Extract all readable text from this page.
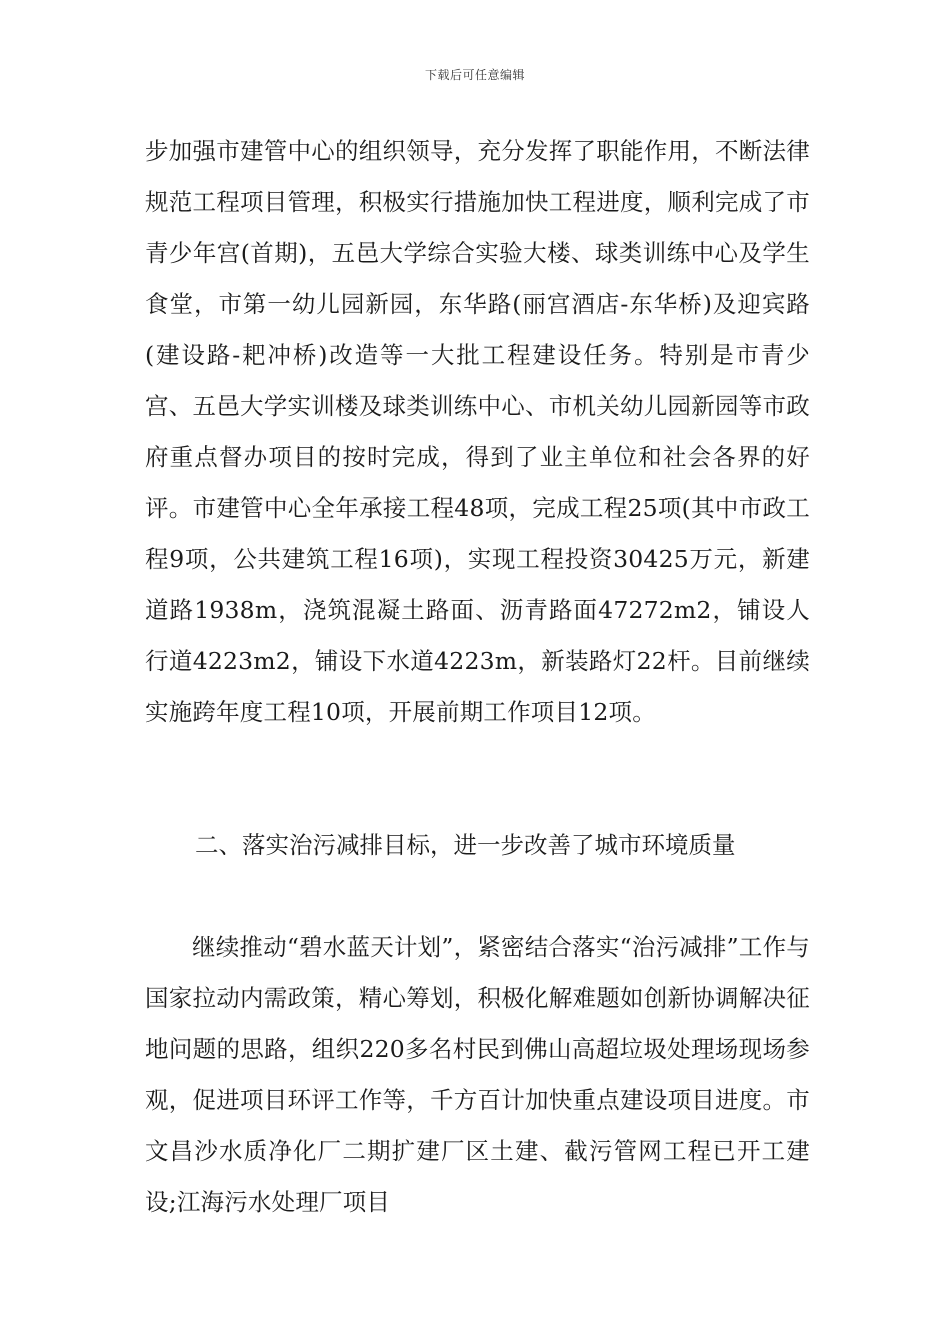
下载后可任意编辑

步加强市建管中心的组织领导，充分发挥了职能作用，不断法律规范工程项目管理，积极实行措施加快工程进度，顺利完成了市青少年宫(首期)，五邑大学综合实验大楼、球类训练中心及学生食堂，市第一幼儿园新园，东华路(丽宫酒店-东华桥)及迎宾路(建设路-耙冲桥)改造等一大批工程建设任务。特别是市青少宫、五邑大学实训楼及球类训练中心、市机关幼儿园新园等市政府重点督办项目的按时完成，得到了业主单位和社会各界的好评。市建管中心全年承接工程48项，完成工程25项(其中市政工程9项，公共建筑工程16项)，实现工程投资30425万元，新建道路1938m，浇筑混凝土路面、沥青路面47272m2，铺设人行道4223m2，铺设下水道4223m，新装路灯22杆。目前继续实施跨年度工程10项，开展前期工作项目12项。

二、落实治污减排目标，进一步改善了城市环境质量

继续推动“碧水蓝天计划”，紧密结合落实“治污减排”工作与国家拉动内需政策，精心筹划，积极化解难题如创新协调解决征地问题的思路，组织220多名村民到佛山高超垃圾处理场现场参观，促进项目环评工作等，千方百计加快重点建设项目进度。市文昌沙水质净化厂二期扩建厂区土建、截污管网工程已开工建设;江海污水处理厂项目
